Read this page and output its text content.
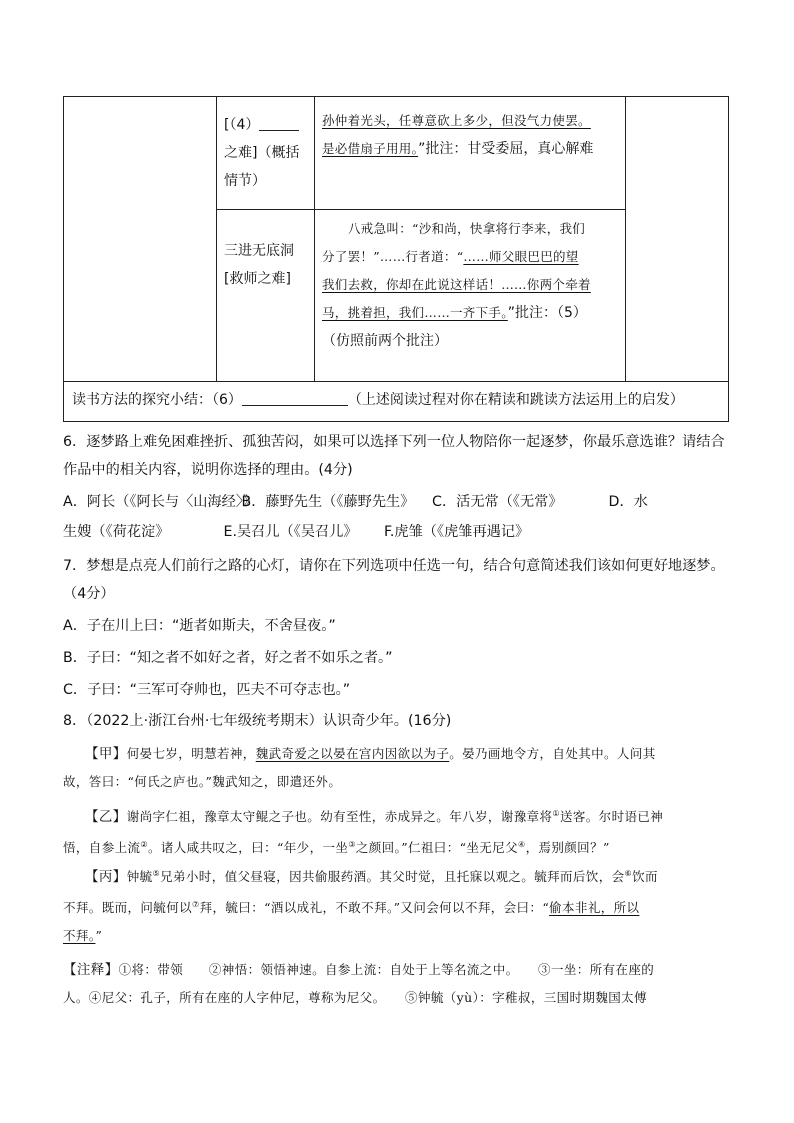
[（4）
之难]（概括
情节）
孙仲着光头，任尊意砍上多少，但没气力使罢。
是必借扇子用用。”批注：甘受委屈，真心解难
三进无底洞
[救师之难]
八戒急叫：“沙和尚，快拿将行李来，我们
分了罢！”……行者道：“……师父眼巴巴的望
我们去救，你却在此说这样话！……你两个牵着
马，挑着担，我们……一齐下手。”批注：（5）
（仿照前两个批注）
读书方法的探究小结：（6）	（上述阅读过程对你在精读和跳读方法运用上的启发）
6．逐梦路上难免困难挫折、孤独苦闷，如果可以选择下列一位人物陪你一起逐梦，你最乐意选谁？请结合
作品中的相关内容，说明你选择的理由。(4分)
A．阿长（《阿长与〈山海经〉》 B．藤野先生（《藤野先生》 C．活无常（《无常》	D．水
生嫂（《荷花淀》	E.吴召儿（《吴召儿》 F.虎雏（《虎雏再遇记》
7．梦想是点亮人们前行之路的心灯，请你在下列选项中任选一句，结合句意简述我们该如何更好地逐梦。
（4分）
A．子在川上曰：“逝者如斯夫，不舍昼夜。”
B．子曰：“知之者不如好之者，好之者不如乐之者。”
C．子曰：“三军可夺帅也，匹夫不可夺志也。”
8．（2022上·浙江台州·七年级统考期末）认识奇少年。(16分)
【甲】何晏七岁，明慧若神，魏武奇爱之以晏在宫内因欲以为子。晏乃画地令方，自处其中。人问其
故，答曰：“何氏之庐也。”魏武知之，即遣还外。
【乙】谢尚字仁祖，豫章太守鲲之子也。幼有至性，赤成异之。年八岁，谢豫章将①送客。尔时语已神
悟，自参上流②。诸人咸共叹之，曰：“年少，一坐③之颜回。”仁祖曰：“坐无尼父④，焉别颜回？”
【丙】钟毓⑤兄弟小时，值父昼寝，因共偷服药酒。其父时觉，且托寐以观之。毓拜而后饮，会⑥饮而
不拜。既而，问毓何以⑦拜，毓曰：“酒以成礼，不敢不拜。”又问会何以不拜，会曰：“偷本非礼，所以
不拜。”
【注释】①将：带领　　②神悟：领悟神速。自参上流：自处于上等名流之中。　　③一坐：所有在座的
人。④尼父：孔子，所有在座的人字仲尼，尊称为尼父。　　⑤钟毓（yù）：字稚叔，三国时期魏国太傅
